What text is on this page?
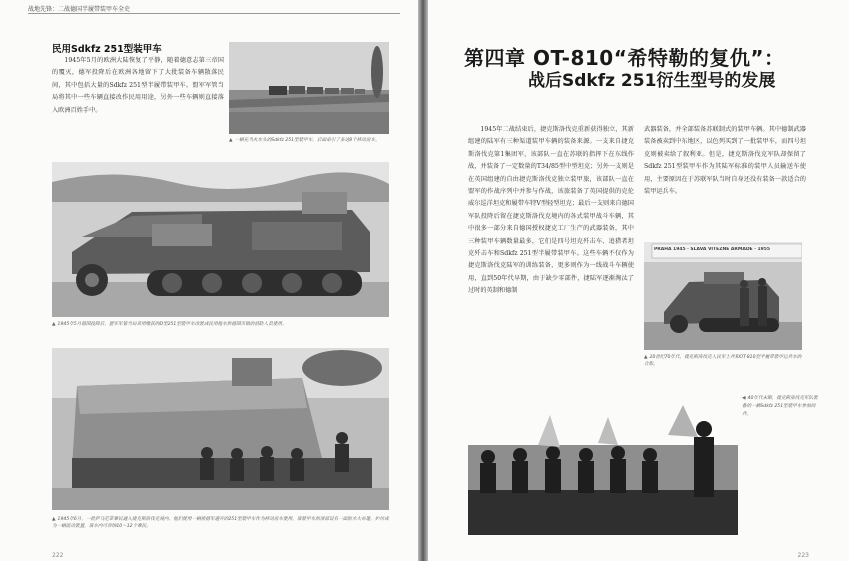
战地先锋：二战德国半履带装甲车全史
民用Sdkfz 251型装甲车

1945年5月的欧洲大陆恢复了平静，随着德意志第三帝国的覆灭，德军投降后在欧洲各地留下了大批装备车辆散落民间，其中包括大量的Sdkfz 251型半履带装甲车。盟军军管当局将其中一些车辆直接改作民用用途，另外一些车辆则直接落入欧洲百姓手中。

▲ 一辆充当火车头的Sdkfz 251型装甲车，后面牵引了多达8个移动房车。
▲ 1945年5月德国投降后，盟军军管当局采用缴获的D型251型装甲车改装成民用拖车供德国市镇的消防人员使用。
▲ 1945年6月，一批萨马尼亚难民通入捷克斯洛伐克境内，他们使用一辆被德军遗弃的251型装甲车作为移动房车使用。该装甲车的顶部设有一面防水大布篷，护坊成为一辆流动装置。该车内可容纳10～12个难民。
222
第四章 OT-810“希特勒的复仇”：
战后Sdkfz 251衍生型号的发展

1945年二战结束后，捷克斯洛伐克重新获得独立，其新组建的陆军有三种渠道装甲车辆的装备来源。一支来自捷克斯洛伐克第1集团军，该部队一直在苏联的指挥下在东线作战，并装备了一定数量的T34/85型中型坦克；另外一支则是在英国组建的自由捷克斯洛伐克独立装甲旅，该部队一直在盟军的作战序列中并参与作战，该旅装备了英国提供的克伦威尔巡洋坦克和履带车特V型轻型坦克；最后一支则来自德国军队投降后留在捷克斯洛伐克境内的各式装甲战斗车辆，其中很多一部分来自德国授权捷克工厂生产的武器装备，其中三种装甲车辆数量最多，它们是四号坦克歼击车、追猎者坦克歼击车和Sdkfz 251型半履带装甲车。这些车辆不仅作为捷克斯洛伐克陆军的训练装备，更多则作为一线战斗车辆使用，直到50年代早期，由于缺少零部件，捷陆军逐渐淘汰了过时的英制和德制

武器装备，并全部装备苏联制式的装甲车辆。其中德制武器装备被卖到中东地区，以色列买到了一批装甲车，而四号坦克则被卖给了叙利亚。但是，捷克斯洛伐克军队却保留了Sdkfz 251型装甲车作为其陆军标准的装甲人员输送车使用，主要原因在于苏联军队当时自身还没有装备一款适合的装甲运兵车。

PRAHA 1945 · SLÁVA VÍTĚZNÉ ARMÁDĚ · 1955
▲ 20世纪70年代，捷克斯洛伐克人民军士兵和OT-810型半履带装甲运兵车的合影。
◀ 40年代末期，捷克斯洛伐克军队装备的一辆Sdkfz 251型装甲车参加阅兵。
223
